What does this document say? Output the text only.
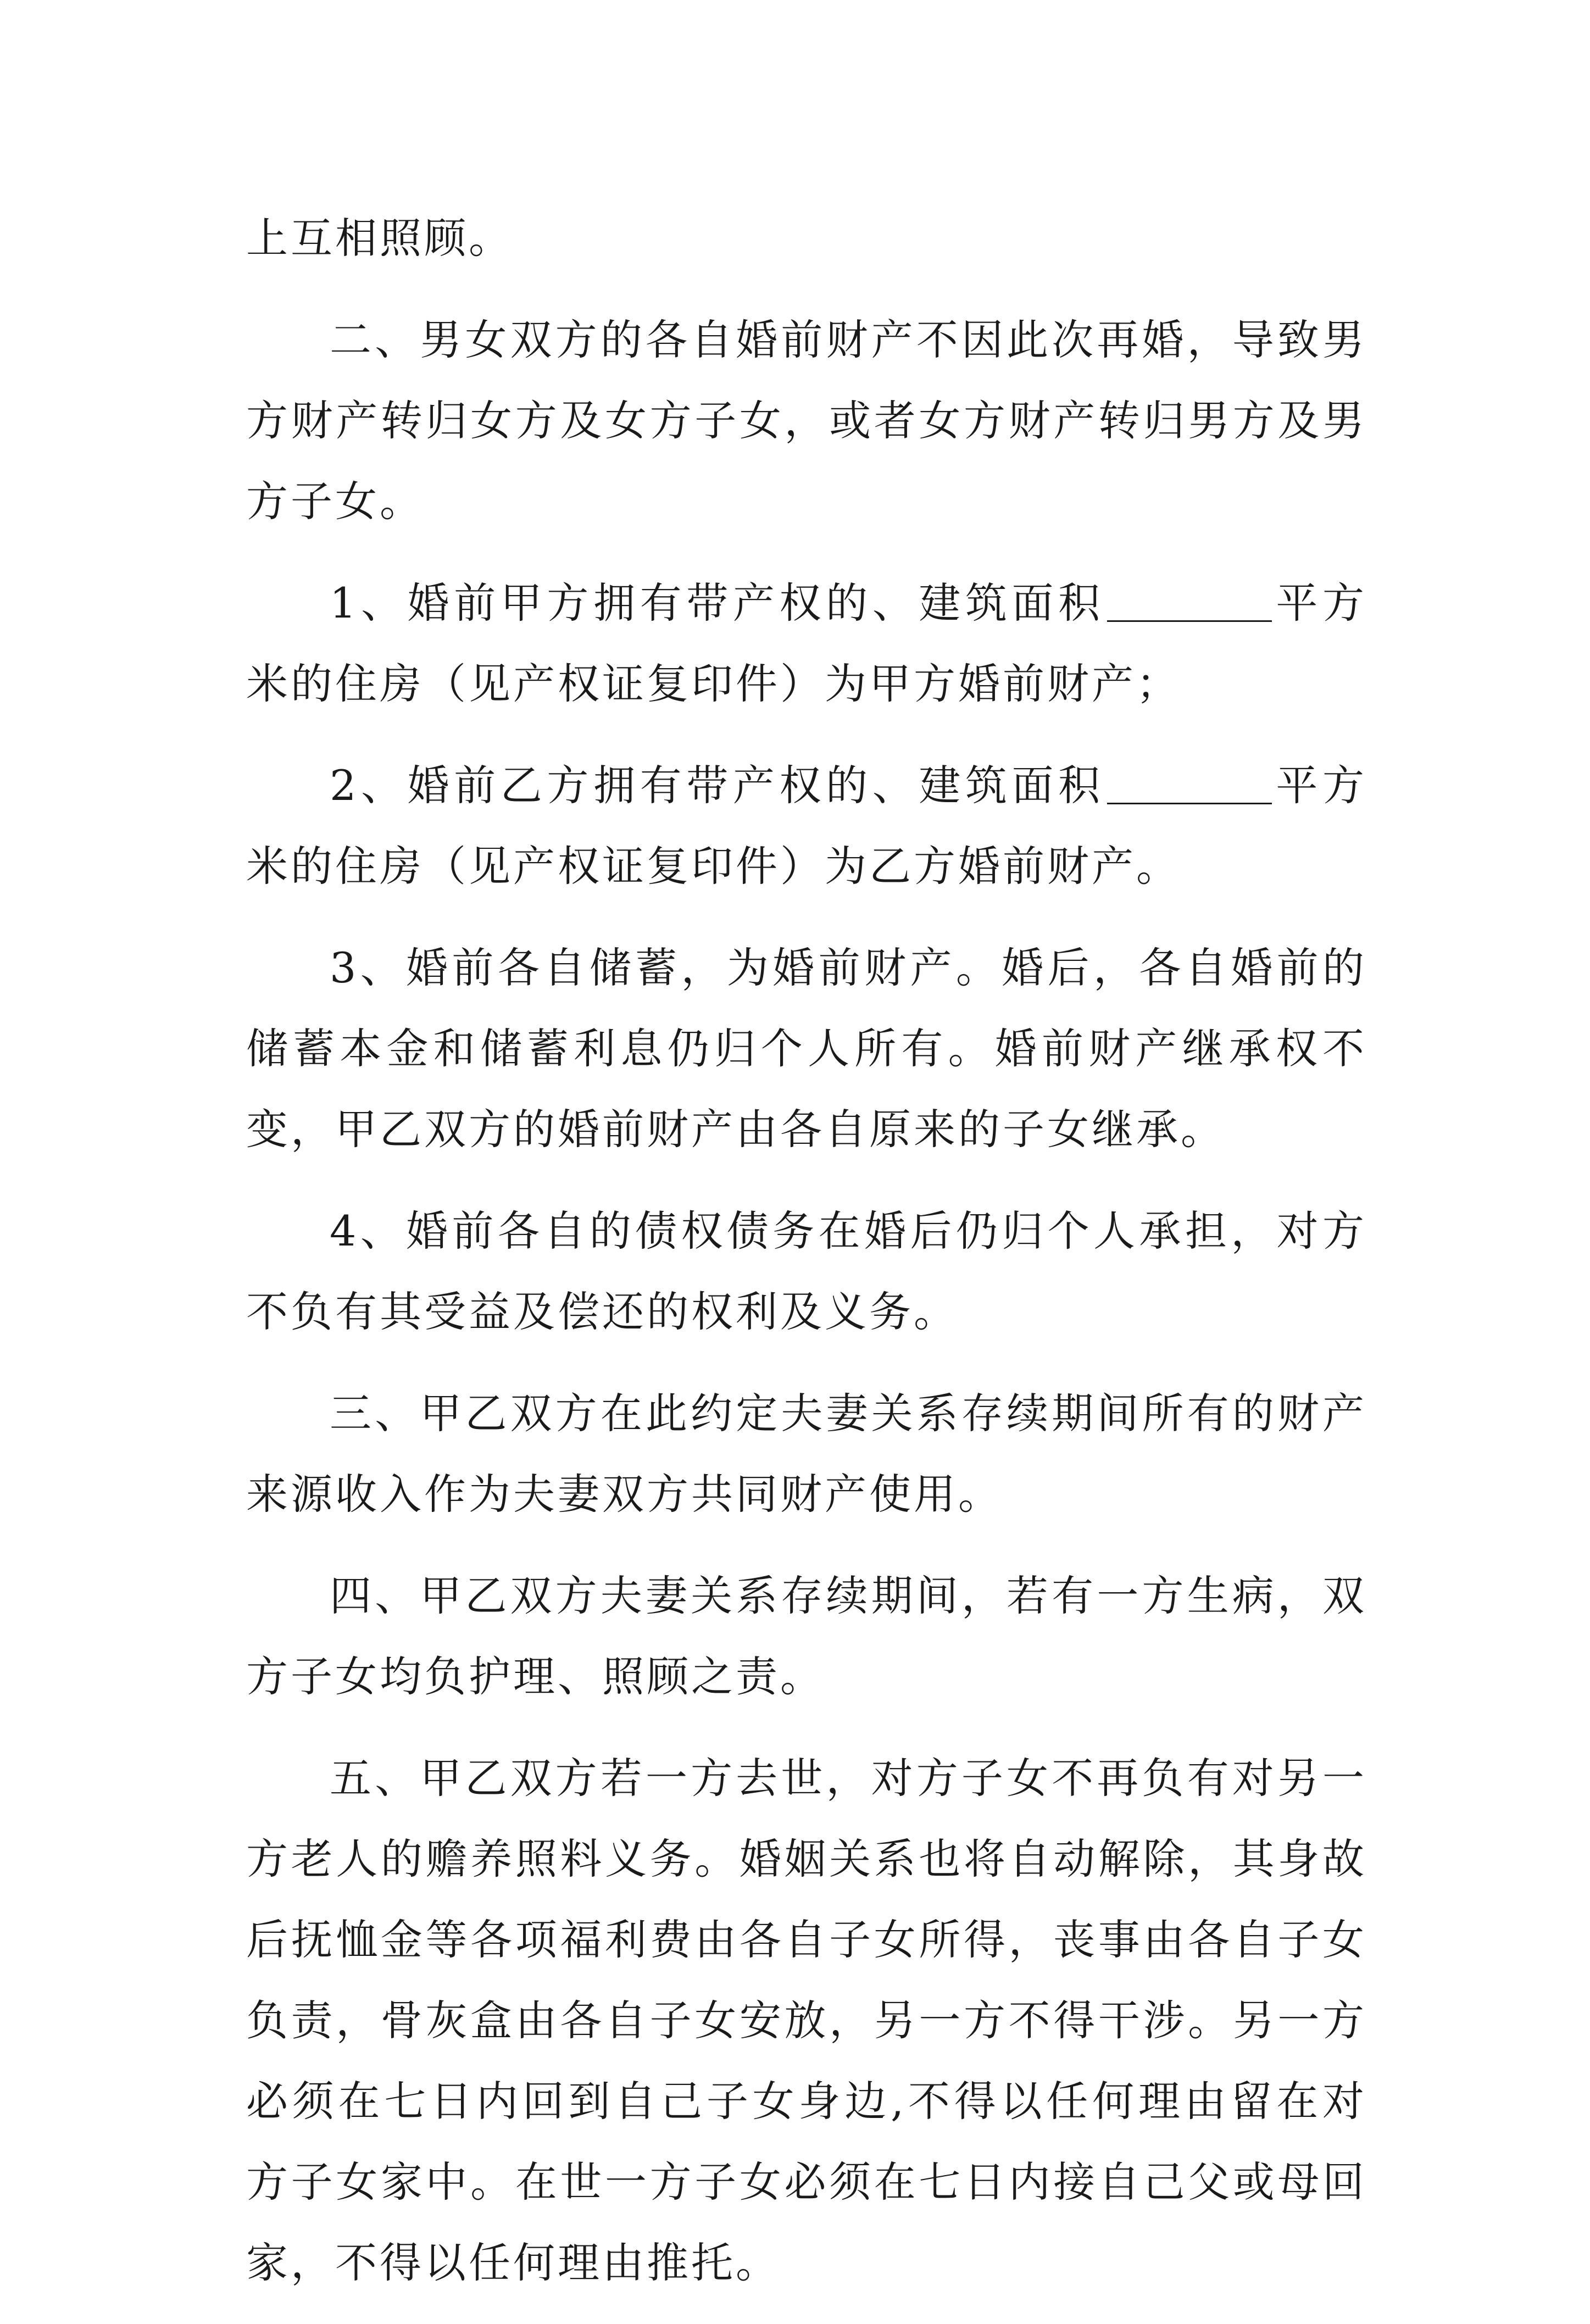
上互相照顾。

二、男女双方的各自婚前财产不因此次再婚，导致男方财产转归女方及女方子女，或者女方财产转归男方及男方子女。

1、婚前甲方拥有带产权的、建筑面积	平方米的住房（见产权证复印件）为甲方婚前财产；

2、婚前乙方拥有带产权的、建筑面积	平方米的住房（见产权证复印件）为乙方婚前财产。

3、婚前各自储蓄，为婚前财产。婚后，各自婚前的储蓄本金和储蓄利息仍归个人所有。婚前财产继承权不变，甲乙双方的婚前财产由各自原来的子女继承。

4、婚前各自的债权债务在婚后仍归个人承担，对方不负有其受益及偿还的权利及义务。

三、甲乙双方在此约定夫妻关系存续期间所有的财产来源收入作为夫妻双方共同财产使用。

四、甲乙双方夫妻关系存续期间，若有一方生病，双方子女均负护理、照顾之责。

五、甲乙双方若一方去世，对方子女不再负有对另一方老人的赡养照料义务。婚姻关系也将自动解除，其身故后抚恤金等各项福利费由各自子女所得，丧事由各自子女负责，骨灰盒由各自子女安放，另一方不得干涉。另一方必须在七日内回到自己子女身边,不得以任何理由留在对方子女家中。在世一方子女必须在七日内接自己父或母回家，不得以任何理由推托。
